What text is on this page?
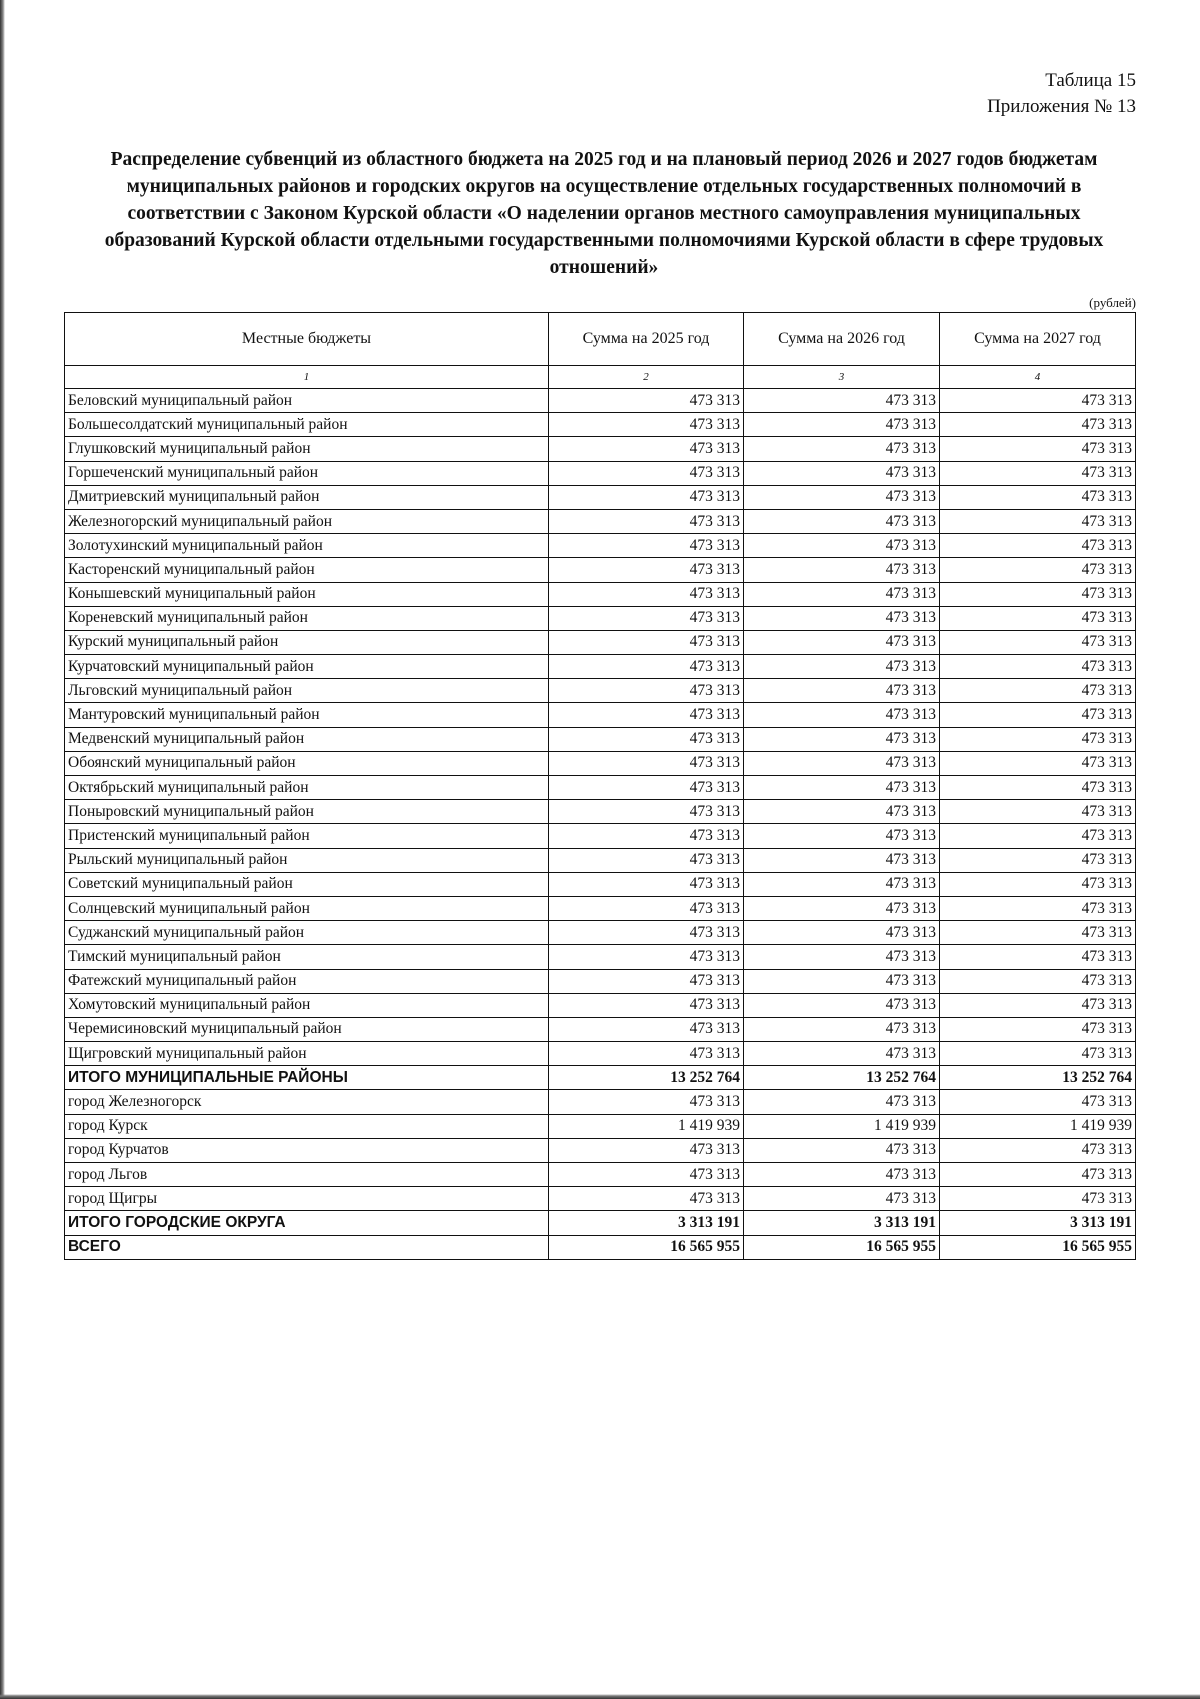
Таблица 15
Приложения № 13
Распределение субвенций из областного бюджета на 2025 год и на плановый период 2026 и 2027 годов бюджетам муниципальных районов и городских округов на осуществление отдельных государственных полномочий в соответствии с Законом Курской области «О наделении органов местного самоуправления муниципальных образований Курской области отдельными государственными полномочиями Курской области в сфере трудовых отношений»
(рублей)
Местные бюджеты	Сумма на 2025 год	Сумма на 2026 год	Сумма на 2027 год
1	2	3	4
Беловский муниципальный район	473 313	473 313	473 313
Большесолдатский муниципальный район	473 313	473 313	473 313
Глушковский муниципальный район	473 313	473 313	473 313
Горшеченский муниципальный район	473 313	473 313	473 313
Дмитриевский муниципальный район	473 313	473 313	473 313
Железногорский муниципальный район	473 313	473 313	473 313
Золотухинский муниципальный район	473 313	473 313	473 313
Касторенский муниципальный район	473 313	473 313	473 313
Конышевский муниципальный район	473 313	473 313	473 313
Кореневский муниципальный район	473 313	473 313	473 313
Курский муниципальный район	473 313	473 313	473 313
Курчатовский муниципальный район	473 313	473 313	473 313
Льговский муниципальный район	473 313	473 313	473 313
Мантуровский муниципальный район	473 313	473 313	473 313
Медвенский муниципальный район	473 313	473 313	473 313
Обоянский муниципальный район	473 313	473 313	473 313
Октябрьский муниципальный район	473 313	473 313	473 313
Поныровский муниципальный район	473 313	473 313	473 313
Пристенский муниципальный район	473 313	473 313	473 313
Рыльский муниципальный район	473 313	473 313	473 313
Советский муниципальный район	473 313	473 313	473 313
Солнцевский муниципальный район	473 313	473 313	473 313
Суджанский муниципальный район	473 313	473 313	473 313
Тимский муниципальный район	473 313	473 313	473 313
Фатежский муниципальный район	473 313	473 313	473 313
Хомутовский муниципальный район	473 313	473 313	473 313
Черемисиновский муниципальный район	473 313	473 313	473 313
Щигровский муниципальный район	473 313	473 313	473 313
ИТОГО МУНИЦИПАЛЬНЫЕ РАЙОНЫ	13 252 764	13 252 764	13 252 764
город Железногорск	473 313	473 313	473 313
город Курск	1 419 939	1 419 939	1 419 939
город Курчатов	473 313	473 313	473 313
город Льгов	473 313	473 313	473 313
город Щигры	473 313	473 313	473 313
ИТОГО ГОРОДСКИЕ ОКРУГА	3 313 191	3 313 191	3 313 191
ВСЕГО	16 565 955	16 565 955	16 565 955
